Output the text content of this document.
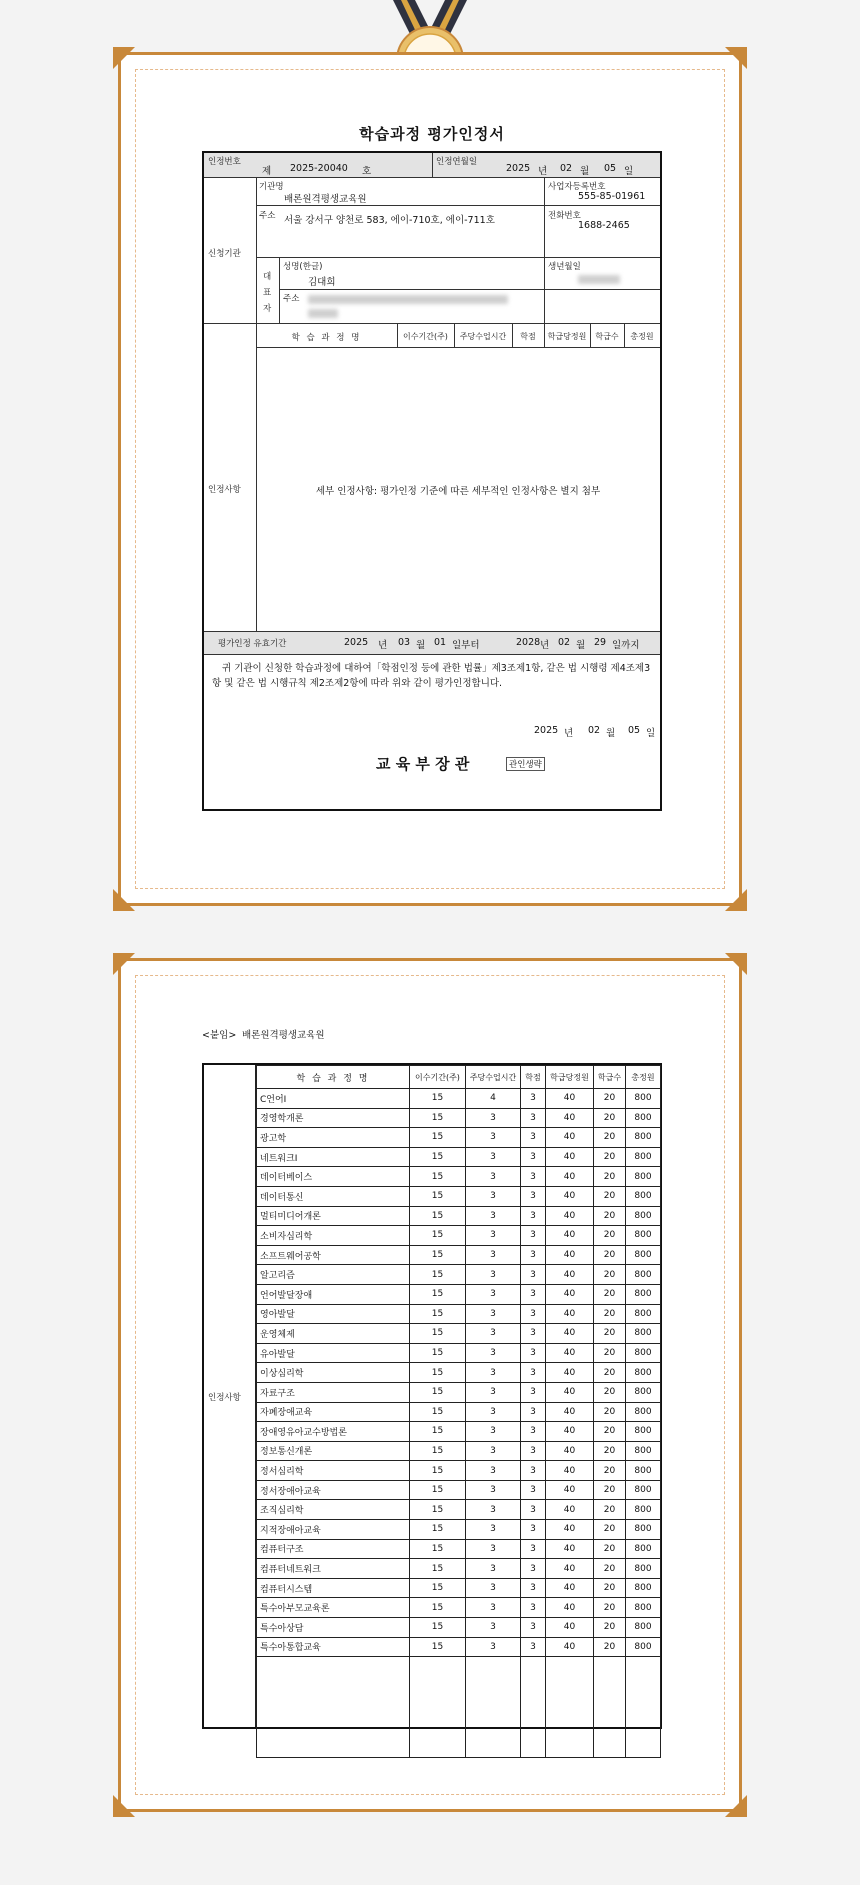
학습과정 평가인정서
인정번호
제 2025-20040 호
인정연월일
2025 년 02 월 05 일
신청기관
기관명
배론원격평생교육원
사업자등록번호
555-85-01961
주소 서울 강서구 양천로 583, 에이-710호, 에이-711호	전화번호
1688-2465
대표자
성명(한글)
김대희
생년월일
주소
인정사항
학 습 과 정 명	이수기간(주)	주당수업시간	학점	학급당정원	학급수	총정원
세부 인정사항: 평가인정 기준에 따른 세부적인 인정사항은 별지 첨부
평가인정 유효기간	2025 년 03 월 01 일부터	2028 년 02 월 29 일까지
귀 기관이 신청한 학습과정에 대하여「학점인정 등에 관한 법률」제3조제1항, 같은 법 시행령 제4조제3항 및 같은 법 시행규칙 제2조제2항에 따라 위와 같이 평가인정합니다.
2025 년 02 월 05 일
교 육 부 장 관	관인생략
<붙임> 배론원격평생교육원
인정사항
학 습 과 정 명	이수기간(주)	주당수업시간	학점	학급당정원	학급수	총정원
C언어Ⅰ	15	4	3	40	20	800
경영학개론	15	3	3	40	20	800
광고학	15	3	3	40	20	800
네트워크Ⅰ	15	3	3	40	20	800
데이터베이스	15	3	3	40	20	800
데이터통신	15	3	3	40	20	800
멀티미디어개론	15	3	3	40	20	800
소비자심리학	15	3	3	40	20	800
소프트웨어공학	15	3	3	40	20	800
알고리즘	15	3	3	40	20	800
언어발달장애	15	3	3	40	20	800
영아발달	15	3	3	40	20	800
운영체제	15	3	3	40	20	800
유아발달	15	3	3	40	20	800
이상심리학	15	3	3	40	20	800
자료구조	15	3	3	40	20	800
자폐장애교육	15	3	3	40	20	800
장애영유아교수방법론	15	3	3	40	20	800
정보통신개론	15	3	3	40	20	800
정서심리학	15	3	3	40	20	800
정서장애아교육	15	3	3	40	20	800
조직심리학	15	3	3	40	20	800
지적장애아교육	15	3	3	40	20	800
컴퓨터구조	15	3	3	40	20	800
컴퓨터네트워크	15	3	3	40	20	800
컴퓨터시스템	15	3	3	40	20	800
특수아부모교육론	15	3	3	40	20	800
특수아상담	15	3	3	40	20	800
특수아통합교육	15	3	3	40	20	800
